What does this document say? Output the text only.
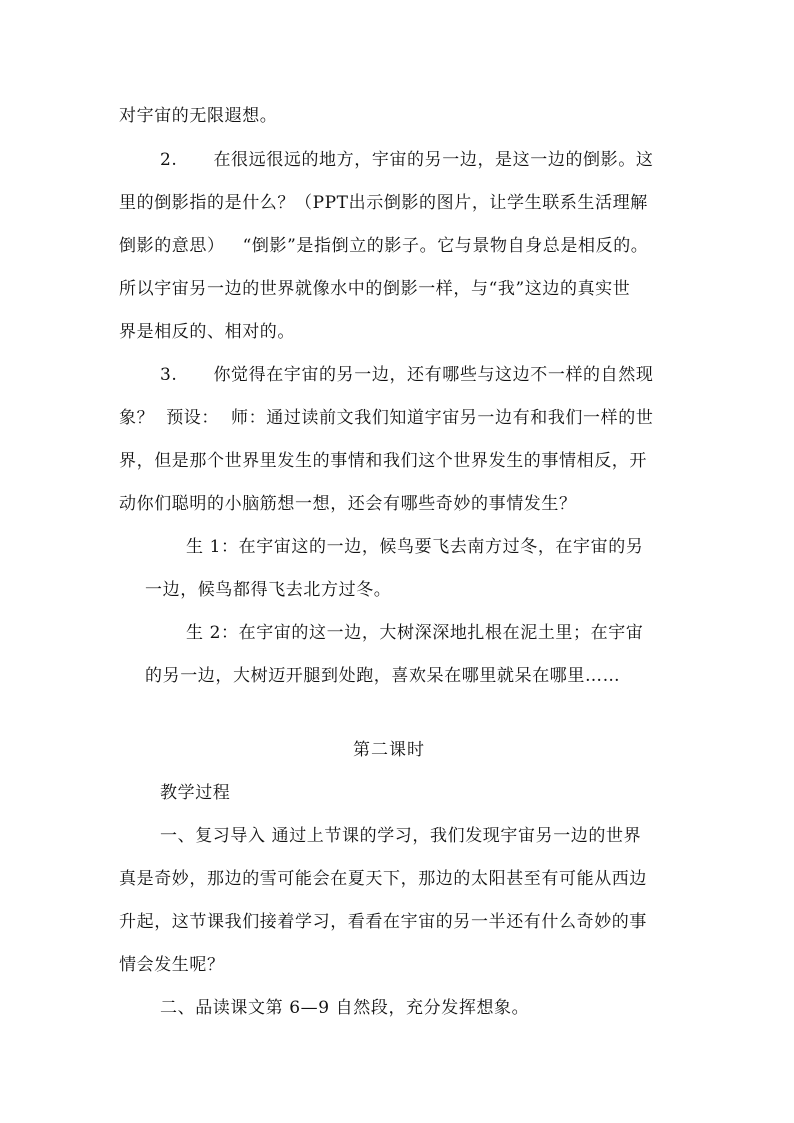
对宇宙的无限遐想。
2.      在很远很远的地方，宇宙的另一边，是这一边的倒影。这
里的倒影指的是什么？（PPT出示倒影的图片，让学生联系生活理解
倒影的意思）   “倒影”是指倒立的影子。它与景物自身总是相反的。
所以宇宙另一边的世界就像水中的倒影一样，与“我”这边的真实世
界是相反的、相对的。
3.      你觉得在宇宙的另一边，还有哪些与这边不一样的自然现
象？  预设：  师：通过读前文我们知道宇宙另一边有和我们一样的世
界，但是那个世界里发生的事情和我们这个世界发生的事情相反，开
动你们聪明的小脑筋想一想，还会有哪些奇妙的事情发生？
生 1：在宇宙这的一边，候鸟要飞去南方过冬，在宇宙的另
一边，候鸟都得飞去北方过冬。
生 2：在宇宙的这一边，大树深深地扎根在泥土里；在宇宙
的另一边，大树迈开腿到处跑，喜欢呆在哪里就呆在哪里……
第二课时
教学过程
一、复习导入 通过上节课的学习，我们发现宇宙另一边的世界
真是奇妙，那边的雪可能会在夏天下，那边的太阳甚至有可能从西边
升起，这节课我们接着学习，看看在宇宙的另一半还有什么奇妙的事
情会发生呢？
二、品读课文第 6—9 自然段，充分发挥想象。
